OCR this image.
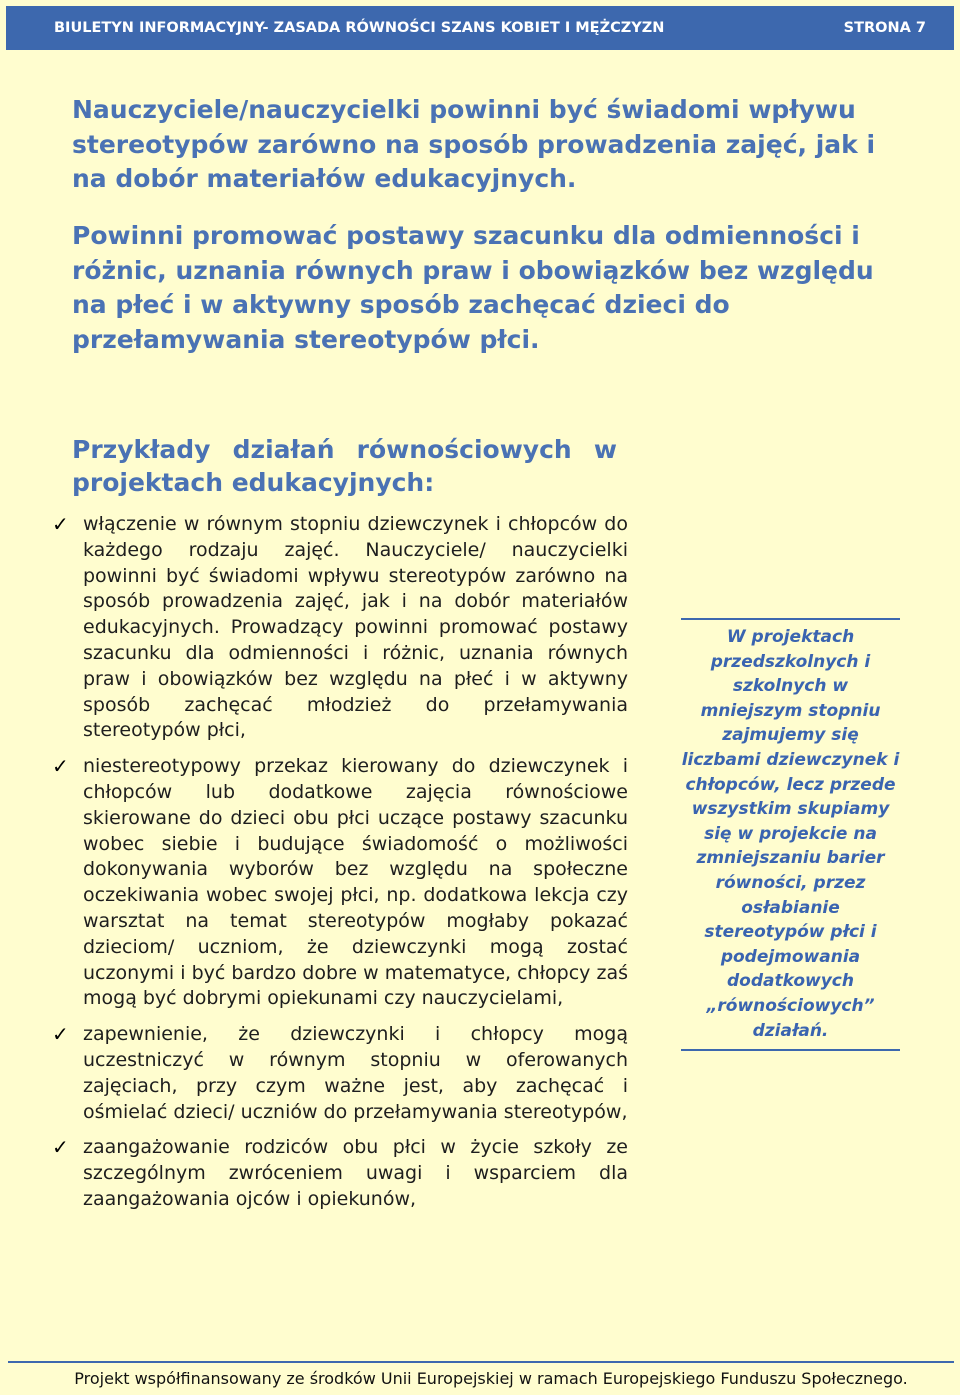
BIULETYN INFORMACYJNY- ZASADA RÓWNOŚCI SZANS KOBIET I MĘŻCZYZN	STRONA 7

Nauczyciele/nauczycielki powinni być świadomi wpływu stereotypów zarówno na sposób prowadzenia zajęć, jak i na dobór materiałów edukacyjnych.

Powinni promować postawy szacunku dla odmienności i różnic, uznania równych praw i obowiązków bez względu na płeć i w aktywny sposób zachęcać dzieci do przełamywania stereotypów płci.

Przykłady działań równościowych w projektach edukacyjnych:
✓ włączenie w równym stopniu dziewczynek i chłopców do każdego rodzaju zajęć. Nauczyciele/ nauczycielki powinni być świadomi wpływu stereotypów zarówno na sposób prowadzenia zajęć, jak i na dobór materiałów edukacyjnych. Prowadzący powinni promować postawy szacunku dla odmienności i różnic, uznania równych praw i obowiązków bez względu na płeć i w aktywny sposób zachęcać młodzież do przełamywania stereotypów płci,
✓ niestereotypowy przekaz kierowany do dziewczynek i chłopców lub dodatkowe zajęcia równościowe skierowane do dzieci obu płci uczące postawy szacunku wobec siebie i budujące świadomość o możliwości dokonywania wyborów bez względu na społeczne oczekiwania wobec swojej płci, np. dodatkowa lekcja czy warsztat na temat stereotypów mogłaby pokazać dzieciom/ uczniom, że dziewczynki mogą zostać uczonymi i być bardzo dobre w matematyce, chłopcy zaś mogą być dobrymi opiekunami czy nauczycielami,
✓ zapewnienie, że dziewczynki i chłopcy mogą uczestniczyć w równym stopniu w oferowanych zajęciach, przy czym ważne jest, aby zachęcać i ośmielać dzieci/ uczniów do przełamywania stereotypów,
✓ zaangażowanie rodziców obu płci w życie szkoły ze szczególnym zwróceniem uwagi i wsparciem dla zaangażowania ojców i opiekunów,
W projektach przedszkolnych i szkolnych w mniejszym stopniu zajmujemy się liczbami dziewczynek i chłopców, lecz przede wszystkim skupiamy się w projekcie na zmniejszaniu barier równości, przez osłabianie stereotypów płci i podejmowania dodatkowych „równościowych” działań.
Projekt współfinansowany ze środków Unii Europejskiej w ramach Europejskiego Funduszu Społecznego.
